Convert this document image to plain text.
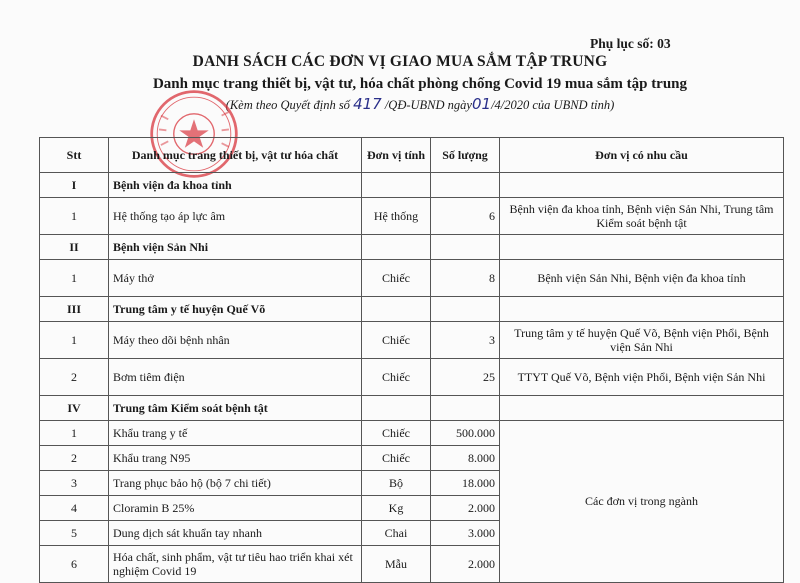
Phụ lục số: 03
DANH SÁCH CÁC ĐƠN VỊ GIAO MUA SẮM TẬP TRUNG
Danh mục trang thiết bị, vật tư, hóa chất phòng chống Covid 19 mua sắm tập trung
(Kèm theo Quyết định số 417 /QĐ-UBND ngày01/4/2020 của UBND tỉnh)
Stt	Danh mục trang thiết bị, vật tư hóa chất	Đơn vị tính	Số lượng	Đơn vị có nhu cầu
I	Bệnh viện đa khoa tỉnh			
1	Hệ thống tạo áp lực âm	Hệ thống	6	Bệnh viện đa khoa tỉnh, Bệnh viện Sản Nhi, Trung tâm Kiểm soát bệnh tật
II	Bệnh viện Sản Nhi			
1	Máy thở	Chiếc	8	Bệnh viện Sản Nhi, Bệnh viện đa khoa tỉnh
III	Trung tâm y tế huyện Quế Võ			
1	Máy theo dõi bệnh nhân	Chiếc	3	Trung tâm y tế huyện Quế Võ, Bệnh viện Phổi, Bệnh viện Sản Nhi
2	Bơm tiêm điện	Chiếc	25	TTYT Quế Võ, Bệnh viện Phổi, Bệnh viện Sản Nhi
IV	Trung tâm Kiểm soát bệnh tật			
1	Khẩu trang y tế	Chiếc	500.000	Các đơn vị trong ngành
2	Khẩu trang N95	Chiếc	8.000	
3	Trang phục bảo hộ (bộ 7 chi tiết)	Bộ	18.000	
4	Cloramin B 25%	Kg	2.000	
5	Dung dịch sát khuẩn tay nhanh	Chai	3.000	
6	Hóa chất, sinh phẩm, vật tư tiêu hao triển khai xét nghiệm Covid 19	Mẫu	2.000	
